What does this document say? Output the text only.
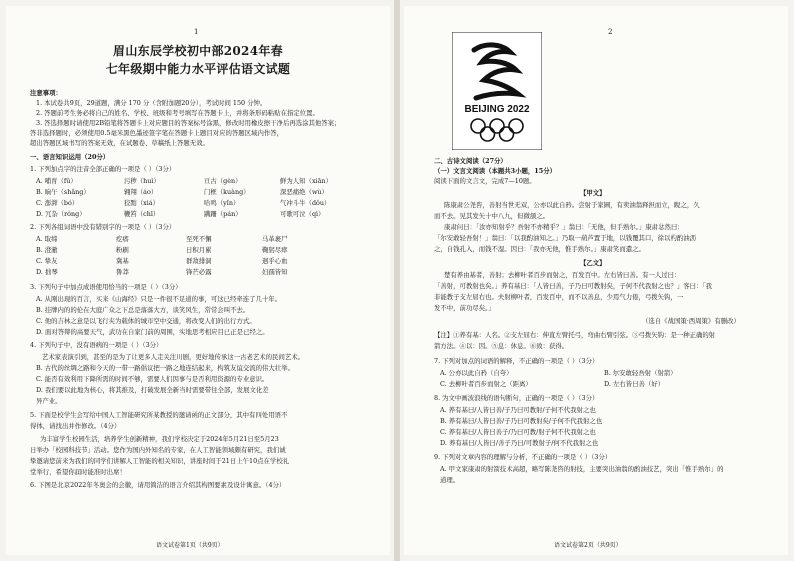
1
眉山东辰学校初中部2024年春
七年级期中能力水平评估语文试题
注意事项：
1. 本试卷共9页，29道题，满分 170 分（含附加题20分），考试时间 150 分钟。
2. 答题前考生务必将自己的姓名、学校、班级和考号填写在答题卡上，并将条形码粘贴在指定位置。
3. 答选择题时请使用2B铅笔将答题卡上对应题目的答案标号涂黑，修改时用橡皮擦干净后再选涂其他答案；
答非选择题时，必须使用0.5毫米黑色墨迹签字笔在答题卡上题目对应的答题区域内作答，
超出答题区域书写的答案无效，在试题卷、草稿纸上答题无效。
一、语言知识运用（20分）
1. 下列加点字的注音全部正确的一项是（ ）（3分）
A. 哺育（fǔ）	污秽（huì）	亘古（gèn）	鲜为人知（xiān）
B. 晌午（shǎng）	翱翔（áo）	门框（kuàng）	深恶痛绝（wù）
C. 澎湃（bó）	狡黠（xiá）	哈鸣（yǐn）	气冲斗牛（dǒu）
D. 冗杂（róng）	鞭笞（chī）	蹒跚（pán）	可歌可泣（qì）
2. 下列各组词语中没有错别字的一项是（ ）（3分）
A. 取缔	疙瘩	至死不懈	马革裹尸
B. 澄澈	粉刷	日积月累	鞠躬尽瘁
C. 挚友	冀基	群敌排洞	迥乎心血
D. 拙琴	鲁莽	锋芒必露	妇孺皆知
3. 下列句子中加点成语使用恰当的一项是（ ）（3分）
A. 从刚出现的百言，买来《山海经》只是一件很不足道的事，可这已经牵连了几十年。
B. 挂牌内的的伦在大庭广众之下总是落落大方，谈笑风生，常常会叫不去。
C. 他的吉林之意是以飞行夹为载体的城市空中交通，将改变人们的出行方式。
D. 面对答辩的高要天气，武功在自家门前的周围，实地思考相应目已正是已经之。
4. 下列句子中，没有语病的一项是（ ）（3分）
艺术家表演引到，甚至的是为了让更多人走关注川剧，更好地传承这一古老艺术的民间艺术。
B. 古代的丝绸之路和今天的一带一路倡议把一路之地连结起来，构筑友谊交流的伟大壮举。
C. 能否有效利用下降所需的时间不够，需要人们因事与是否利用资源的专业意识。
D. 我们要以此地为核心，将其推及，打破发展全新当时需要带往全部，发展文化差
异产业。
5. 下面是校学生会写给中国人工智能研究所某教授的邀请函的正文部分，其中有四处用语不
得体，请找出并作修改。（4分）
为丰富学生校园生活，培养学生创新精神，我们学校决定于2024年5月21日至5月23
日举办「校园科技节」活动。您作为国内外知名的专家，在人工智能领域颇有研究，我们诚
挚邀请您前来为我们的同学们讲解人工智能的相关知识，讲座时间于21日上午10点在学校礼
堂举行，希望你届时能准时出席！
6. 下图是北京2022年冬奥会的会徽，请用简洁的语言介绍其构图要素及设计寓意。（4分）
语文试卷第1页（共9页）
2
BEIJING 2022
二、古诗文阅读（27分）
（一）文言文阅读（本题共3小题，15分）
阅读下面的文言文，完成7—10题。
【甲文】
陈康肃公尧咨，善射当世无双，公亦以此自矜。尝射于家圃，有卖油翁释担而立，睨之，久
而不去。见其发矢十中八九，但微颔之。
康肃问曰：「汝亦知射乎？吾射不亦精乎？」翁曰：「无他，但手熟尔。」康肃忿然曰：
「尔安敢轻吾射！」翁曰：「以我酌油知之。」乃取一葫芦置于地，以钱覆其口，徐以杓酌油沥
之，自钱孔入，而钱不湿。因曰：「我亦无他，惟手熟尔。」康肃笑而遣之。
【乙文】
楚有养由基者，善射；去柳叶者百步而射之，百发百中。左右皆曰善。有一人过曰：
「善射，可教射也矣。」养有基曰：「人皆曰善，子乃曰可教射矣，子何不代我射之也？」客曰：「我
非能教子支左屈右也。夫射柳叶者，百发百中，而不以善息，少焉气力倦，弓拨矢钩，一
发不中，前功尽矣。」
（选自《战国策·西周策》有删改）
【注】①养有基：人名。②支左屈右：伸直左臂托弓，弯曲右臂引弦。③弓拨矢钩：是一种正确的射
箭方法。④以：因。⑤息：休息。⑥致：获得。
7. 下列对加点的词语的解释，不正确的一项是（ ）（3分）
A. 公亦以此自矜（自夸）	B. 尔安敢轻吾射（射箭）
C. 去柳叶者百步而射之（距离）	D. 左右皆曰善（好）
8. 为文中画波浪线的语句断句，正确的一项是（ ）（3分）
A. 养有基曰/人皆曰善/子乃曰可教射/子何不代我射之也
B. 养有基曰/人皆曰善/子乃曰可教射矣/子何不代我射之也
C. 养有基曰/人皆曰善子/乃曰可教/射子何不代我射之也
D. 养有基曰/人皆曰/善子乃曰/可教射子/何不代我射之也
9. 下列对文章内容的理解与分析，不正确的一项是（ ）（3分）
A. 甲文家康肃的射箭技术高超，略写陈尧咨的射技，主要突出油翁的酌油技艺，突出「惟手熟尔」的
道理。
语文试卷第2页（共9页）
